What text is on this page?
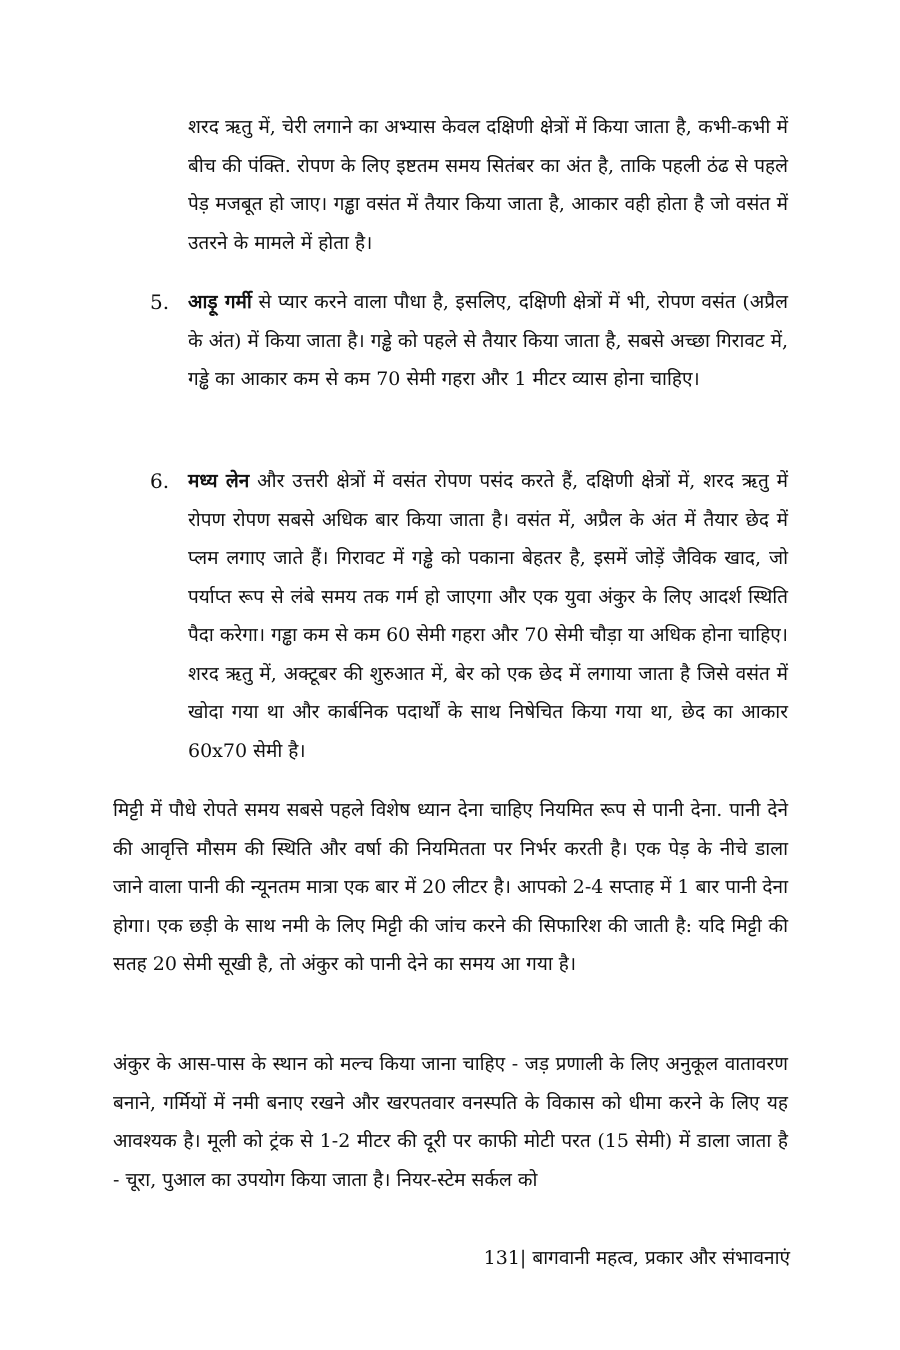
शरद ऋतु में, चेरी लगाने का अभ्यास केवल दक्षिणी क्षेत्रों में किया जाता है, कभी-कभी में बीच की पंक्ति. रोपण के लिए इष्टतम समय सितंबर का अंत है, ताकि पहली ठंढ से पहले पेड़ मजबूत हो जाए। गड्ढा वसंत में तैयार किया जाता है, आकार वही होता है जो वसंत में उतरने के मामले में होता है।

5. आड़ू गर्मी से प्यार करने वाला पौधा है, इसलिए, दक्षिणी क्षेत्रों में भी, रोपण वसंत (अप्रैल के अंत) में किया जाता है। गड्ढे को पहले से तैयार किया जाता है, सबसे अच्छा गिरावट में, गड्ढे का आकार कम से कम 70 सेमी गहरा और 1 मीटर व्यास होना चाहिए।

6. मध्य लेन और उत्तरी क्षेत्रों में वसंत रोपण पसंद करते हैं, दक्षिणी क्षेत्रों में, शरद ऋतु में रोपण रोपण सबसे अधिक बार किया जाता है। वसंत में, अप्रैल के अंत में तैयार छेद में प्लम लगाए जाते हैं। गिरावट में गड्ढे को पकाना बेहतर है, इसमें जोड़ें जैविक खाद, जो पर्याप्त रूप से लंबे समय तक गर्म हो जाएगा और एक युवा अंकुर के लिए आदर्श स्थिति पैदा करेगा। गड्ढा कम से कम 60 सेमी गहरा और 70 सेमी चौड़ा या अधिक होना चाहिए। शरद ऋतु में, अक्टूबर की शुरुआत में, बेर को एक छेद में लगाया जाता है जिसे वसंत में खोदा गया था और कार्बनिक पदार्थों के साथ निषेचित किया गया था, छेद का आकार 60x70 सेमी है।

मिट्टी में पौधे रोपते समय सबसे पहले विशेष ध्यान देना चाहिए नियमित रूप से पानी देना. पानी देने की आवृत्ति मौसम की स्थिति और वर्षा की नियमितता पर निर्भर करती है। एक पेड़ के नीचे डाला जाने वाला पानी की न्यूनतम मात्रा एक बार में 20 लीटर है। आपको 2-4 सप्ताह में 1 बार पानी देना होगा। एक छड़ी के साथ नमी के लिए मिट्टी की जांच करने की सिफारिश की जाती है: यदि मिट्टी की सतह 20 सेमी सूखी है, तो अंकुर को पानी देने का समय आ गया है।

अंकुर के आस-पास के स्थान को मल्च किया जाना चाहिए - जड़ प्रणाली के लिए अनुकूल वातावरण बनाने, गर्मियों में नमी बनाए रखने और खरपतवार वनस्पति के विकास को धीमा करने के लिए यह आवश्यक है। मूली को ट्रंक से 1-2 मीटर की दूरी पर काफी मोटी परत (15 सेमी) में डाला जाता है - चूरा, पुआल का उपयोग किया जाता है। नियर-स्टेम सर्कल को

131| बागवानी महत्व, प्रकार और संभावनाएं
